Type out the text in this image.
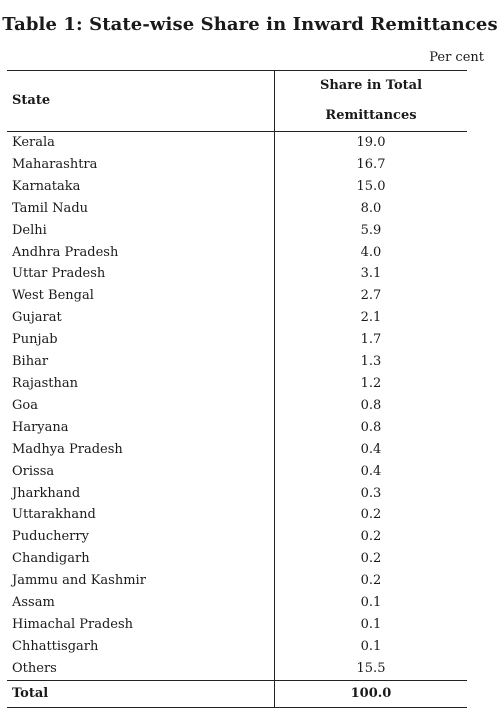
Table 1: State-wise Share in Inward Remittances
Per cent
State	Share in Total Remittances
Kerala	19.0
Maharashtra	16.7
Karnataka	15.0
Tamil Nadu	8.0
Delhi	5.9
Andhra Pradesh	4.0
Uttar Pradesh	3.1
West Bengal	2.7
Gujarat	2.1
Punjab	1.7
Bihar	1.3
Rajasthan	1.2
Goa	0.8
Haryana	0.8
Madhya Pradesh	0.4
Orissa	0.4
Jharkhand	0.3
Uttarakhand	0.2
Puducherry	0.2
Chandigarh	0.2
Jammu and Kashmir	0.2
Assam	0.1
Himachal Pradesh	0.1
Chhattisgarh	0.1
Others	15.5
Total	100.0
